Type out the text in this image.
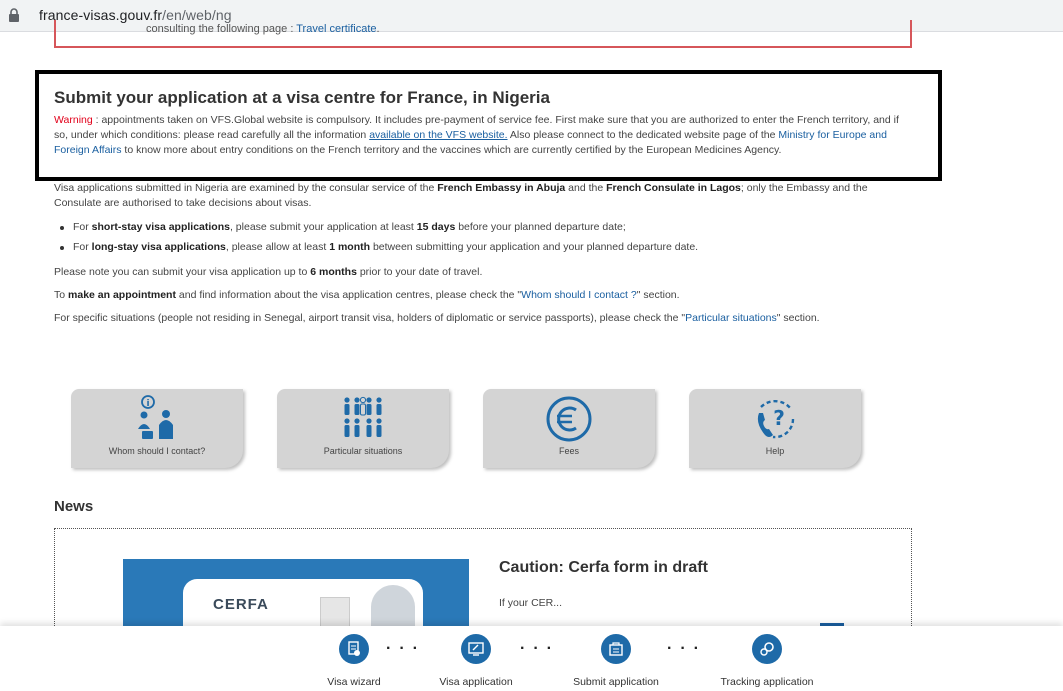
france-visas.gouv.fr/en/web/ng
consulting the following page : Travel certificate.
Submit your application at a visa centre for France, in Nigeria

Warning : appointments taken on VFS.Global website is compulsory. It includes pre-payment of service fee. First make sure that you are authorized to enter the French territory, and if so, under which conditions: please read carefully all the information available on the VFS website. Also please connect to the dedicated website page of the Ministry for Europe and Foreign Affairs to know more about entry conditions on the French territory and the vaccines which are currently certified by the European Medicines Agency.

Visa applications submitted in Nigeria are examined by the consular service of the French Embassy in Abuja and the French Consulate in Lagos; only the Embassy and the Consulate are authorised to take decisions about visas.

For short-stay visa applications, please submit your application at least 15 days before your planned departure date;
For long-stay visa applications, please allow at least 1 month between submitting your application and your planned departure date.

Please note you can submit your visa application up to 6 months prior to your date of travel.

To make an appointment and find information about the visa application centres, please check the "Whom should I contact ?" section.

For specific situations (people not residing in Senegal, airport transit visa, holders of diplomatic or service passports), please check the "Particular situations" section.

i
Whom should I contact?	Particular situations	Fees
?
Help
News
CERFA
Caution: Cerfa form in draft
If your CER...
Visa wizard
···
Visa application
···
Submit application
···
Tracking application
